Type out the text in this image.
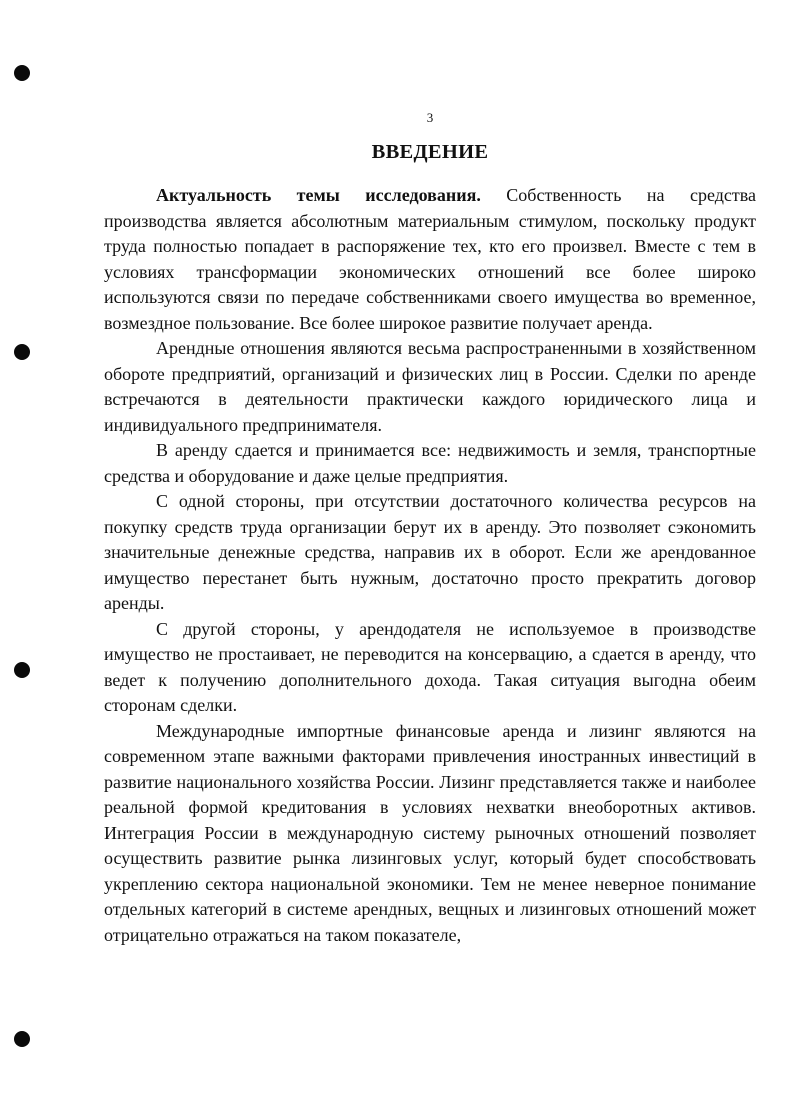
3
ВВЕДЕНИЕ

Актуальность темы исследования. Собственность на средства производства является абсолютным материальным стимулом, поскольку продукт труда полностью попадает в распоряжение тех, кто его произвел. Вместе с тем в условиях трансформации экономических отношений все более широко используются связи по передаче собственниками своего имущества во временное, возмездное пользование. Все более широкое развитие получает аренда.

Арендные отношения являются весьма распространенными в хозяйственном обороте предприятий, организаций и физических лиц в России. Сделки по аренде встречаются в деятельности практически каждого юридического лица и индивидуального предпринимателя.

В аренду сдается и принимается все: недвижимость и земля, транспортные средства и оборудование и даже целые предприятия.

С одной стороны, при отсутствии достаточного количества ресурсов на покупку средств труда организации берут их в аренду. Это позволяет сэкономить значительные денежные средства, направив их в оборот. Если же арендованное имущество перестанет быть нужным, достаточно просто прекратить договор аренды.

С другой стороны, у арендодателя не используемое в производстве имущество не простаивает, не переводится на консервацию, а сдается в аренду, что ведет к получению дополнительного дохода. Такая ситуация выгодна обеим сторонам сделки.

Международные импортные финансовые аренда и лизинг являются на современном этапе важными факторами привлечения иностранных инвестиций в развитие национального хозяйства России. Лизинг представляется также и наиболее реальной формой кредитования в условиях нехватки внеоборотных активов. Интеграция России в международную систему рыночных отношений позволяет осуществить развитие рынка лизинговых услуг, который будет способствовать укреплению сектора национальной экономики. Тем не менее неверное понимание отдельных категорий в системе арендных, вещных и лизинговых отношений может отрицательно отражаться на таком показателе,
